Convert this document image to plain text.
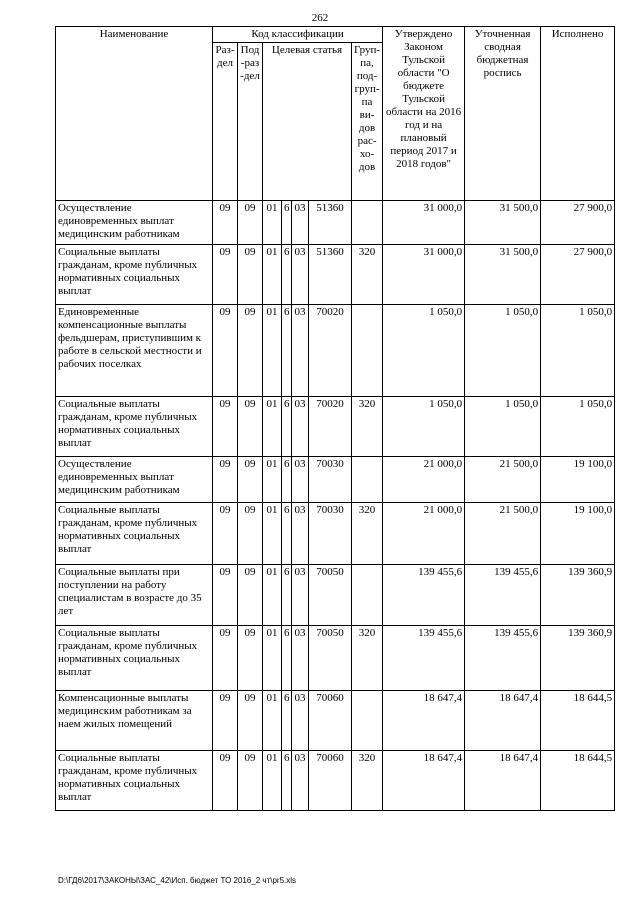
262
Наименование	Код классификации							Утверждено Законом Тульской области "О бюджете Тульской области на 2016 год и на плановый период 2017 и 2018 годов"	Уточненная сводная бюджетная роспись	Исполнено
	Раз-дел	Под-раз-дел	Целевая статья				Груп-па, под-груп-па ви-дов рас-хо-дов			
Осуществление единовременных выплат медицинским работникам	09	09	01	6	03	51360		31 000,0	31 500,0	27 900,0
Социальные выплаты гражданам, кроме публичных нормативных социальных выплат	09	09	01	6	03	51360	320	31 000,0	31 500,0	27 900,0
Единовременные компенсационные выплаты фельдшерам, приступившим к работе в сельской местности и рабочих поселках	09	09	01	6	03	70020		1 050,0	1 050,0	1 050,0
Социальные выплаты гражданам, кроме публичных нормативных социальных выплат	09	09	01	6	03	70020	320	1 050,0	1 050,0	1 050,0
Осуществление единовременных выплат медицинским работникам	09	09	01	6	03	70030		21 000,0	21 500,0	19 100,0
Социальные выплаты гражданам, кроме публичных нормативных социальных выплат	09	09	01	6	03	70030	320	21 000,0	21 500,0	19 100,0
Социальные выплаты при поступлении на работу специалистам в возрасте до 35 лет	09	09	01	6	03	70050		139 455,6	139 455,6	139 360,9
Социальные выплаты гражданам, кроме публичных нормативных социальных выплат	09	09	01	6	03	70050	320	139 455,6	139 455,6	139 360,9
Компенсационные выплаты медицинским работникам за наем жилых помещений	09	09	01	6	03	70060		18 647,4	18 647,4	18 644,5
Социальные выплаты гражданам, кроме публичных нормативных социальных выплат	09	09	01	6	03	70060	320	18 647,4	18 647,4	18 644,5
D:\ГД6\2017\ЗАКОНЫ\ЗАС_42\Исп. бюджет ТО 2016_2 чт\pr5.xls
